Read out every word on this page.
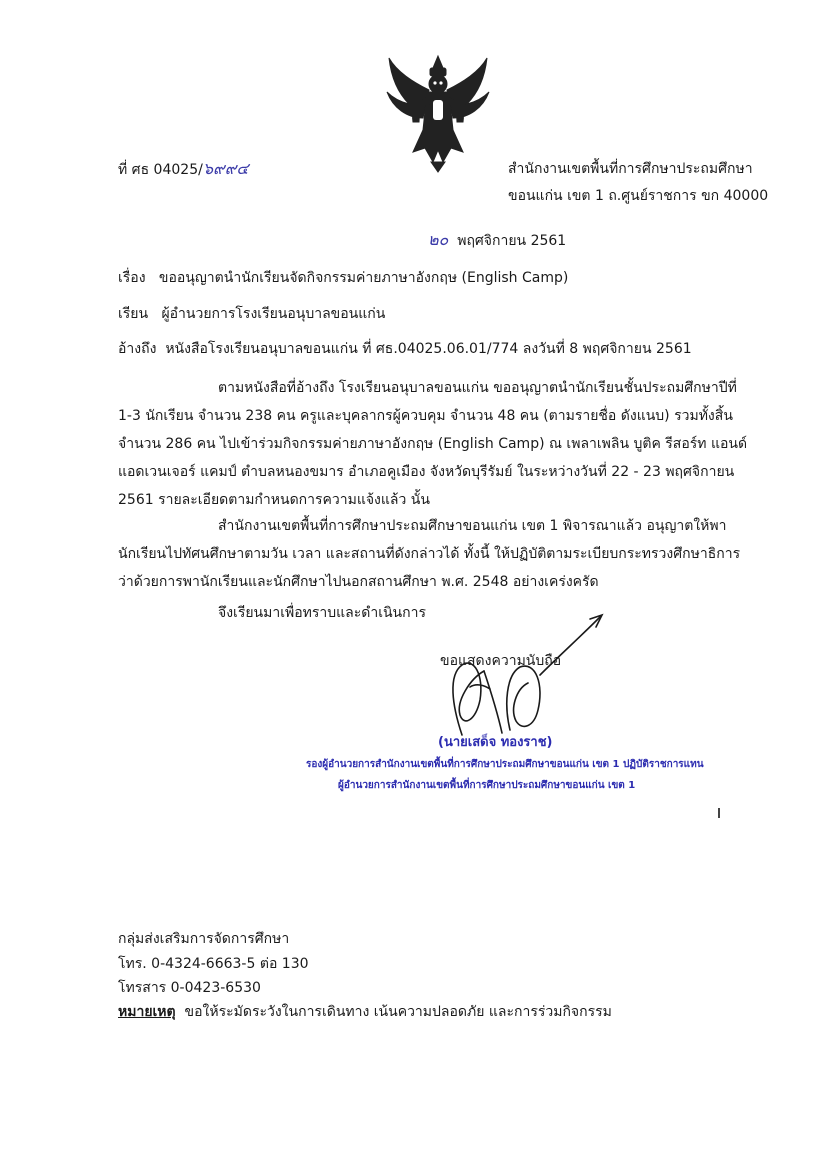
ที่ ศธ 04025/๖๙๙๔	สำนักงานเขตพื้นที่การศึกษาประถมศึกษา
ขอนแก่น เขต 1 ถ.ศูนย์ราชการ ขก 40000
๒๐ พฤศจิกายน 2561
เรื่อง ขออนุญาตนำนักเรียนจัดกิจกรรมค่ายภาษาอังกฤษ (English Camp)
เรียน ผู้อำนวยการโรงเรียนอนุบาลขอนแก่น
อ้างถึง หนังสือโรงเรียนอนุบาลขอนแก่น ที่ ศธ.04025.06.01/774 ลงวันที่ 8 พฤศจิกายน 2561
ตามหนังสือที่อ้างถึง โรงเรียนอนุบาลขอนแก่น ขออนุญาตนำนักเรียนชั้นประถมศึกษาปีที่
1-3 นักเรียน จำนวน 238 คน ครูและบุคลากรผู้ควบคุม จำนวน 48 คน (ตามรายชื่อ ดังแนบ) รวมทั้งสิ้น
จำนวน 286 คน ไปเข้าร่วมกิจกรรมค่ายภาษาอังกฤษ (English Camp) ณ เพลาเพลิน บูติค รีสอร์ท แอนด์
แอดเวนเจอร์ แคมป์ ตำบลหนองขมาร อำเภอคูเมือง จังหวัดบุรีรัมย์ ในระหว่างวันที่ 22 - 23 พฤศจิกายน
2561 รายละเอียดตามกำหนดการความแจ้งแล้ว นั้น
สำนักงานเขตพื้นที่การศึกษาประถมศึกษาขอนแก่น เขต 1 พิจารณาแล้ว อนุญาตให้พา
นักเรียนไปทัศนศึกษาตามวัน เวลา และสถานที่ดังกล่าวได้ ทั้งนี้ ให้ปฏิบัติตามระเบียบกระทรวงศึกษาธิการ
ว่าด้วยการพานักเรียนและนักศึกษาไปนอกสถานศึกษา พ.ศ. 2548 อย่างเคร่งครัด
จึงเรียนมาเพื่อทราบและดำเนินการ
ขอแสดงความนับถือ
(นายเสด็จ ทองราช)
รองผู้อำนวยการสำนักงานเขตพื้นที่การศึกษาประถมศึกษาขอนแก่น เขต 1 ปฏิบัติราชการแทน
ผู้อำนวยการสำนักงานเขตพื้นที่การศึกษาประถมศึกษาขอนแก่น เขต 1
กลุ่มส่งเสริมการจัดการศึกษา
โทร. 0-4324-6663-5 ต่อ 130
โทรสาร 0-0423-6530
หมายเหตุ ขอให้ระมัดระวังในการเดินทาง เน้นความปลอดภัย และการร่วมกิจกรรม
